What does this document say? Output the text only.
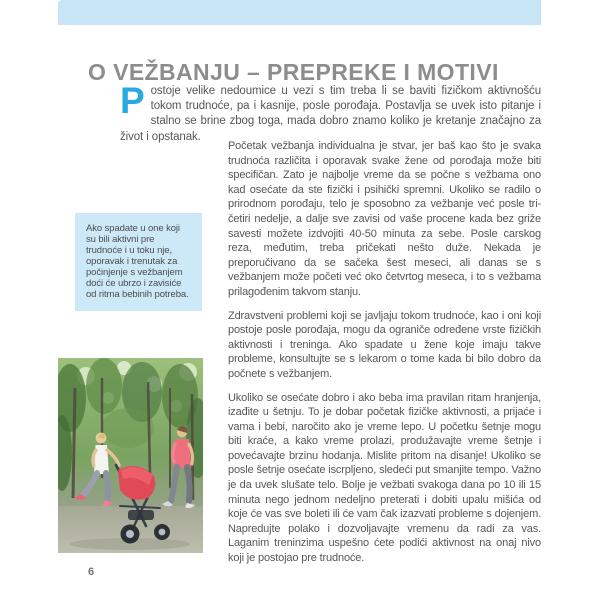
O VEŽBANJU – PREPREKE I MOTIVI
Postoje velike nedoumice u vezi s tim treba li se baviti fizičkom aktivnošću tokom trudnoće, pa i kasnije, posle porođaja. Postavlja se uvek isto pitanje i stalno se brine zbog toga, mada dobro znamo koliko je kretanje značajno za život i opstanak.
Ako spadate u one koji su bili aktivni pre trudnoće i u toku nje, oporavak i trenutak za počinjenje s vežbanjem doći će ubrzo i zavisiće od ritma bebinih potreba.

Početak vežbanja individualna je stvar, jer baš kao što je svaka trudnoća različita i oporavak svake žene od porođaja može biti specifičan. Zato je najbolje vreme da se počne s vežbama ono kad osećate da ste fizički i psihički spremni. Ukoliko se radilo o prirodnom porođaju, telo je sposobno za vežbanje već posle tri-četiri nedelje, a dalje sve zavisi od vaše procene kada bez griže savesti možete izdvojiti 40-50 minuta za sebe. Posle carskog reza, međutim, treba pričekati nešto duže. Nekada je preporučivano da se sačeka šest meseci, ali danas se s vežbanjem može početi već oko četvrtog meseca, i to s vežbama prilagođenim takvom stanju.

Zdravstveni problemi koji se javljaju tokom trudnoće, kao i oni koji postoje posle porođaja, mogu da ograniče određene vrste fizičkih aktivnosti i treninga. Ako spadate u žene koje imaju takve probleme, konsultujte se s lekarom o tome kada bi bilo dobro da počnete s vežbanjem.

Ukoliko se osećate dobro i ako beba ima pravilan ritam hranjenja, izađite u šetnju. To je dobar početak fizičke aktivnosti, a prijaće i vama i bebi, naročito ako je vreme lepo. U početku šetnje mogu biti kraće, a kako vreme prolazi, produžavajte vreme šetnje i povećavajte brzinu hodanja. Mislite pritom na disanje! Ukoliko se posle šetnje osećate iscrpljeno, sledeći put smanjite tempo. Važno je da uvek slušate telo. Bolje je vežbati svakoga dana po 10 ili 15 minuta nego jednom nedeljno preterati i dobiti upalu mišića od koje će vas sve boleti ili će vam čak izazvati probleme s dojenjem. Napredujte polako i dozvoljavajte vremenu da radi za vas. Laganim treninzima uspešno ćete podići aktivnost na onaj nivo koji je postojao pre trudnoće.

6
